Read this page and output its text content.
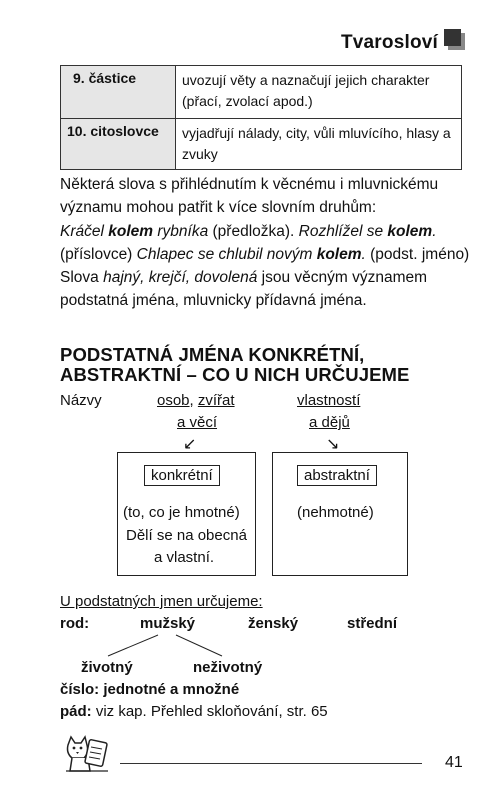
Tvarosloví
9. částice	uvozují věty a naznačují jejich charakter (přací, zvolací apod.)
10. citoslovce	vyjadřují nálady, city, vůli mluvícího, hlasy a zvuky

Některá slova s přihlédnutím k věcnému i mluvnickému významu mohou patřit k více slovním druhům:
Kráčel kolem rybníka (předložka). Rozhlížel se kolem.
(příslovce) Chlapec se chlubil novým kolem. (podst. jméno)
Slova hajný, krejčí, dovolená jsou věcným významem podstatná jména, mluvnicky přídavná jména.

PODSTATNÁ JMÉNA KONKRÉTNÍ,
ABSTRAKTNÍ – CO U NICH URČUJEME
Názvy	osob, zvířat
a věcí
↙
vlastností
a dějů
↘
konkrétní
(to, co je hmotné)
Dělí se na obecná
a vlastní.
abstraktní
(nehmotné)
U podstatných jmen určujeme:
rod:	mužský	ženský	střední
životný	neživotný
číslo: jednotné a množné
pád: viz kap. Přehled skloňování, str. 65
41
